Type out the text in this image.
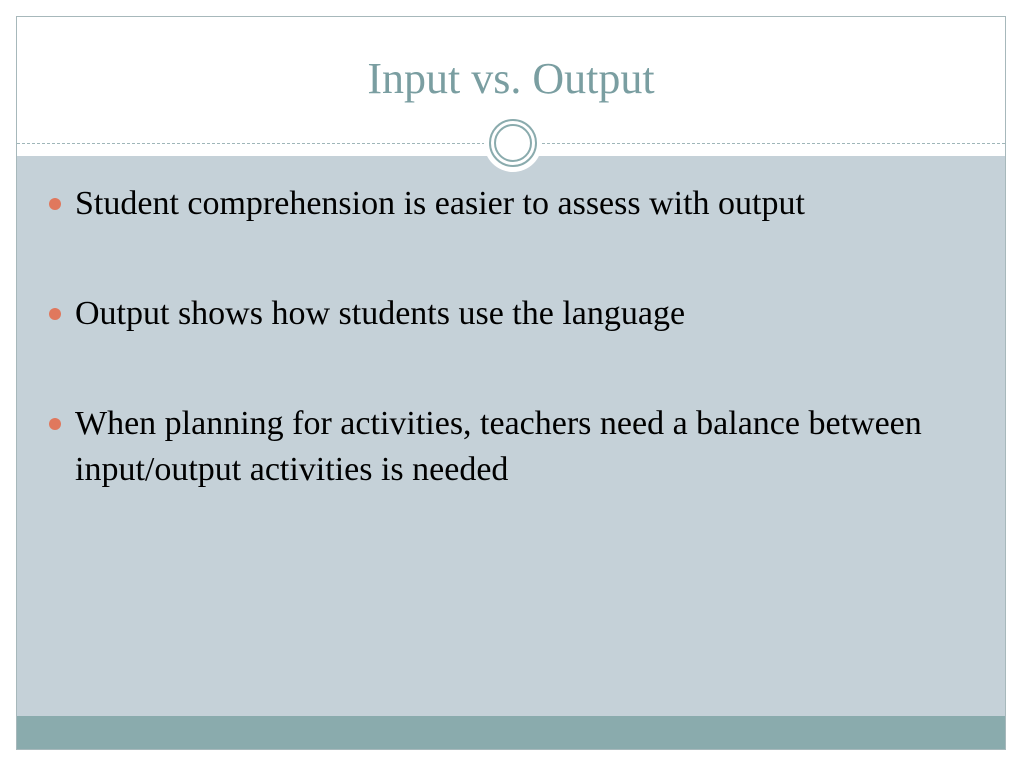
Input vs. Output
Student comprehension is easier to assess with output
Output shows how students use the language
When planning for activities, teachers need a balance between input/output activities is needed
